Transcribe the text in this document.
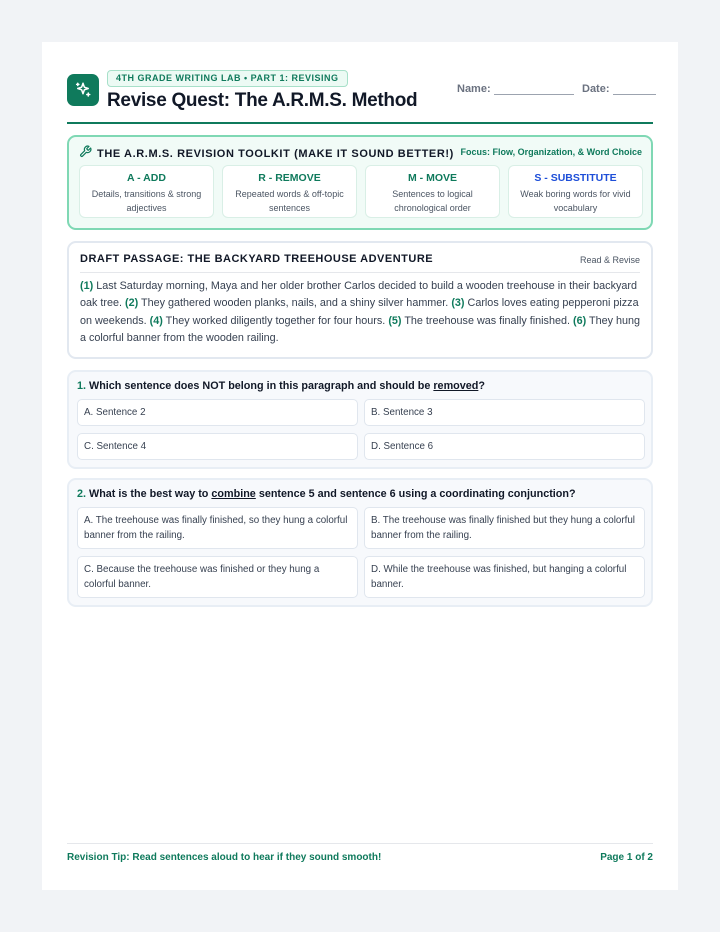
4TH GRADE WRITING LAB • PART 1: REVISING
Revise Quest: The A.R.M.S. Method
Name:	Date:
THE A.R.M.S. REVISION TOOLKIT (MAKE IT SOUND BETTER!) Focus: Flow, Organization, & Word Choice
A - ADD
Details, transitions & strong adjectives
R - REMOVE
Repeated words & off-topic sentences
M - MOVE
Sentences to logical chronological order
S - SUBSTITUTE
Weak boring words for vivid vocabulary
DRAFT PASSAGE: THE BACKYARD TREEHOUSE ADVENTURE	Read & Revise
(1) Last Saturday morning, Maya and her older brother Carlos decided to build a wooden treehouse in their backyard oak tree. (2) They gathered wooden planks, nails, and a shiny silver hammer. (3) Carlos loves eating pepperoni pizza on weekends. (4) They worked diligently together for four hours. (5) The treehouse was finally finished. (6) They hung a colorful banner from the wooden railing.
1. Which sentence does NOT belong in this paragraph and should be removed?
A. Sentence 2	B. Sentence 3
C. Sentence 4	D. Sentence 6
2. What is the best way to combine sentence 5 and sentence 6 using a coordinating conjunction?
A. The treehouse was finally finished, so they hung a colorful banner from the railing.
B. The treehouse was finally finished but they hung a colorful banner from the railing.
C. Because the treehouse was finished or they hung a colorful banner.
D. While the treehouse was finished, but hanging a colorful banner.
Revision Tip: Read sentences aloud to hear if they sound smooth!	Page 1 of 2
